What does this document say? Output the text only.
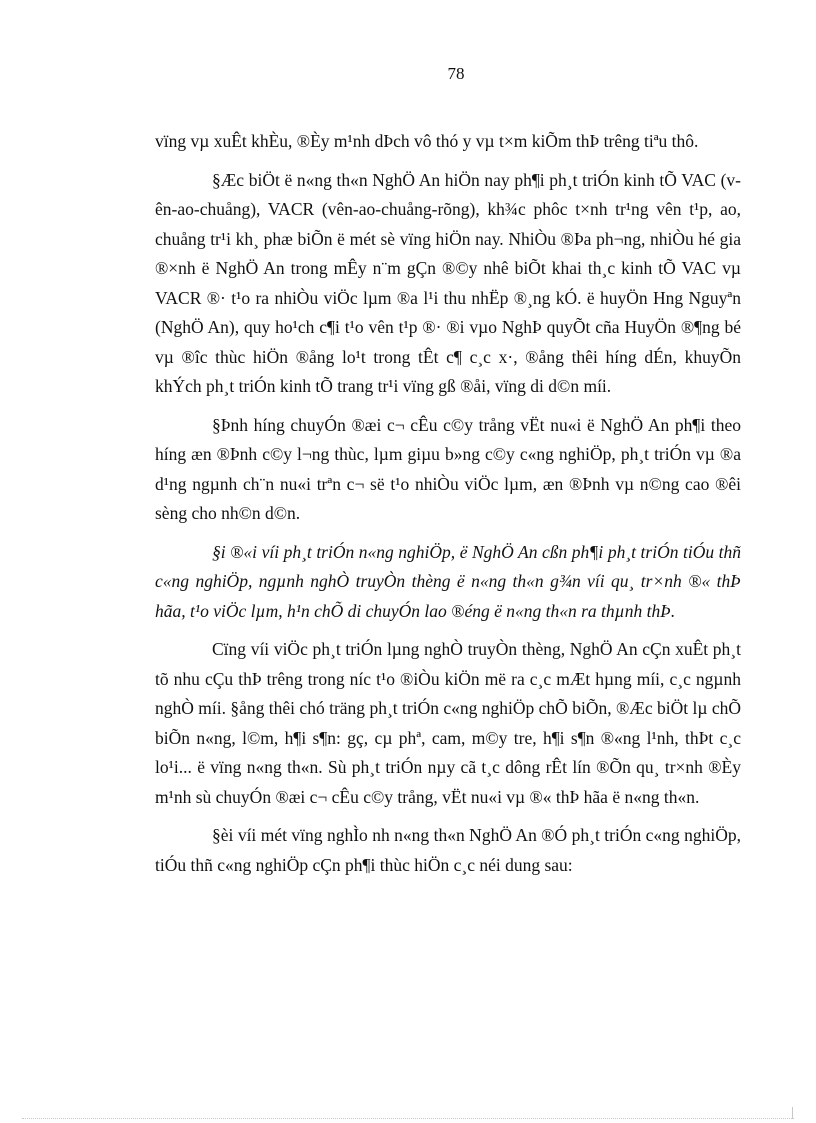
78

vïng vµ xuÊt khÈu, ®Èy m¹nh dÞch vô thó y vµ t×m kiÕm thÞ trêng tiªu thô.

§Æc biÖt ë n«ng th«n NghÖ An hiÖn nay ph¶i ph¸t triÓn kinh tÕ VAC (vên-ao-chuång), VACR (vên-ao-chuång-rõng), kh¾c phôc t×nh tr¹ng vên t¹p, ao, chuång tr¹i kh¸ phæ biÕn ë mét sè vïng hiÖn nay. NhiÒu ®Þa ph¬ng, nhiÒu hé gia ®×nh ë NghÖ An trong mÊy n¨m gÇn ®©y nhê biÕt khai th¸c kinh tÕ VAC vµ VACR ®· t¹o ra nhiÒu viÖc lµm ®a l¹i thu nhËp ®¸ng kÓ. ë huyÖn Hng Nguyªn (NghÖ An), quy ho¹ch c¶i t¹o vên t¹p ®· ®i vµo NghÞ quyÕt cña HuyÖn ®¶ng bé vµ ®îc thùc hiÖn ®ång lo¹t trong tÊt c¶ c¸c x·, ®ång thêi híng dÉn, khuyÕn khÝch ph¸t triÓn kinh tÕ trang tr¹i vïng gß ®åi, vïng di d©n míi.

§Þnh híng chuyÓn ®æi c¬ cÊu c©y trång vËt nu«i ë NghÖ An ph¶i theo híng æn ®Þnh c©y l¬ng thùc, lµm giµu b»ng c©y c«ng nghiÖp, ph¸t triÓn vµ ®a d¹ng ngµnh ch¨n nu«i trªn c¬ së t¹o nhiÒu viÖc lµm, æn ®Þnh vµ n©ng cao ®êi sèng cho nh©n d©n.

§i ®«i víi ph¸t triÓn n«ng nghiÖp, ë NghÖ An cßn ph¶i ph¸t triÓn tiÓu thñ c«ng nghiÖp, ngµnh nghÒ truyÒn thèng ë n«ng th«n g¾n víi qu¸ tr×nh ®« thÞ hãa, t¹o viÖc lµm, h¹n chÕ di chuyÓn lao ®éng ë n«ng th«n ra thµnh thÞ.

Cïng víi viÖc ph¸t triÓn lµng nghÒ truyÒn thèng, NghÖ An cÇn xuÊt ph¸t tõ nhu cÇu thÞ trêng trong níc t¹o ®iÒu kiÖn më ra c¸c mÆt hµng míi, c¸c ngµnh nghÒ míi. §ång thêi chó träng ph¸t triÓn c«ng nghiÖp chÕ biÕn, ®Æc biÖt lµ chÕ biÕn n«ng, l©m, h¶i s¶n: gç, cµ phª, cam, m©y tre, h¶i s¶n ®«ng l¹nh, thÞt c¸c lo¹i... ë vïng n«ng th«n. Sù ph¸t triÓn nµy cã t¸c dông rÊt lín ®Õn qu¸ tr×nh ®Èy m¹nh sù chuyÓn ®æi c¬ cÊu c©y trång, vËt nu«i vµ ®« thÞ hãa ë n«ng th«n.

§èi víi mét vïng nghÌo nh n«ng th«n NghÖ An ®Ó ph¸t triÓn c«ng nghiÖp, tiÓu thñ c«ng nghiÖp cÇn ph¶i thùc hiÖn c¸c néi dung sau:
